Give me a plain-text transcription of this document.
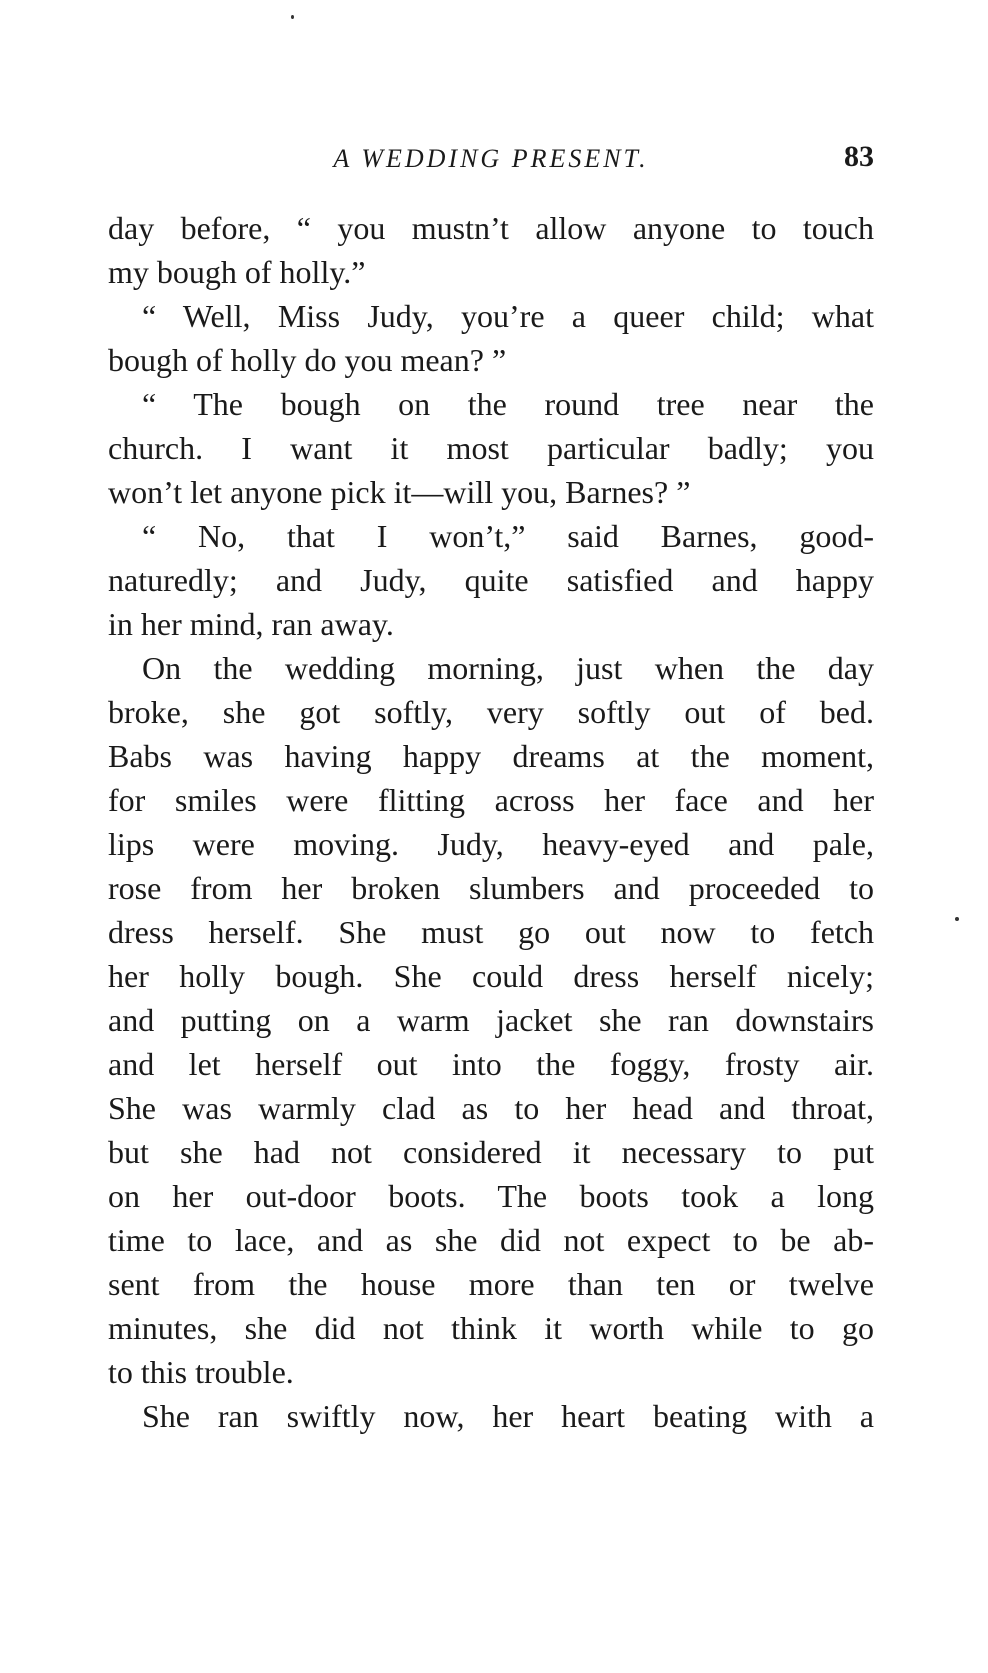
A WEDDING PRESENT.	83
day before, “ you mustn’t allow anyone to touch
my bough of holly.”
“ Well, Miss Judy, you’re a queer child; what
bough of holly do you mean? ”
“ The bough on the round tree near the
church. I want it most particular badly; you
won’t let anyone pick it—will you, Barnes? ”
“ No, that I won’t,” said Barnes, good-
naturedly; and Judy, quite satisfied and happy
in her mind, ran away.
On the wedding morning, just when the day
broke, she got softly, very softly out of bed.
Babs was having happy dreams at the moment,
for smiles were flitting across her face and her
lips were moving. Judy, heavy-eyed and pale,
rose from her broken slumbers and proceeded to
dress herself. She must go out now to fetch
her holly bough. She could dress herself nicely;
and putting on a warm jacket she ran downstairs
and let herself out into the foggy, frosty air.
She was warmly clad as to her head and throat,
but she had not considered it necessary to put
on her out-door boots. The boots took a long
time to lace, and as she did not expect to be ab-
sent from the house more than ten or twelve
minutes, she did not think it worth while to go
to this trouble.
She ran swiftly now, her heart beating with a
